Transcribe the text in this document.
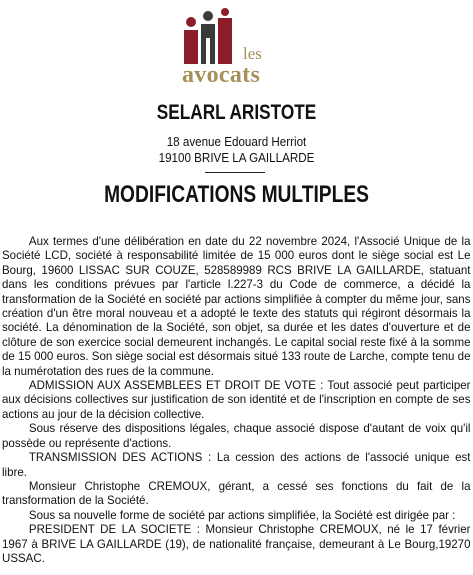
les
avocats
SELARL ARISTOTE
18 avenue Edouard Herriot
19100 BRIVE LA GAILLARDE
MODIFICATIONS MULTIPLES

Aux termes d'une délibération en date du 22 novembre 2024, l'Associé Unique de la Société LCD, société à responsabilité limitée de 15 000 euros dont le siège social est Le Bourg, 19600 LISSAC SUR COUZE, 528589989 RCS BRIVE LA GAILLARDE, statuant dans les conditions prévues par l'article l.227-3 du Code de commerce, a décidé la transformation de la Société en société par actions simplifiée à compter du même jour, sans création d'un être moral nouveau et a adopté le texte des statuts qui régiront désormais la société. La dénomination de la Société, son objet, sa durée et les dates d'ouverture et de clôture de son exercice social demeurent inchangés. Le capital social reste fixé à la somme de 15 000 euros. Son siège social est désormais situé 133 route de Larche, compte tenu de la numérotation des rues de la commune.

ADMISSION AUX ASSEMBLEES ET DROIT DE VOTE : Tout associé peut participer aux décisions collectives sur justification de son identité et de l'inscription en compte de ses actions au jour de la décision collective.

Sous réserve des dispositions légales, chaque associé dispose d'autant de voix qu'il possède ou représente d'actions.

TRANSMISSION DES ACTIONS : La cession des actions de l'associé unique est libre.

Monsieur Christophe CREMOUX, gérant, a cessé ses fonctions du fait de la transformation de la Société.

Sous sa nouvelle forme de société par actions simplifiée, la Société est dirigée par :

PRESIDENT DE LA SOCIETE : Monsieur Christophe CREMOUX, né le 17 février 1967 à BRIVE LA GAILLARDE (19), de nationalité française, demeurant à Le Bourg,19270 USSAC.
